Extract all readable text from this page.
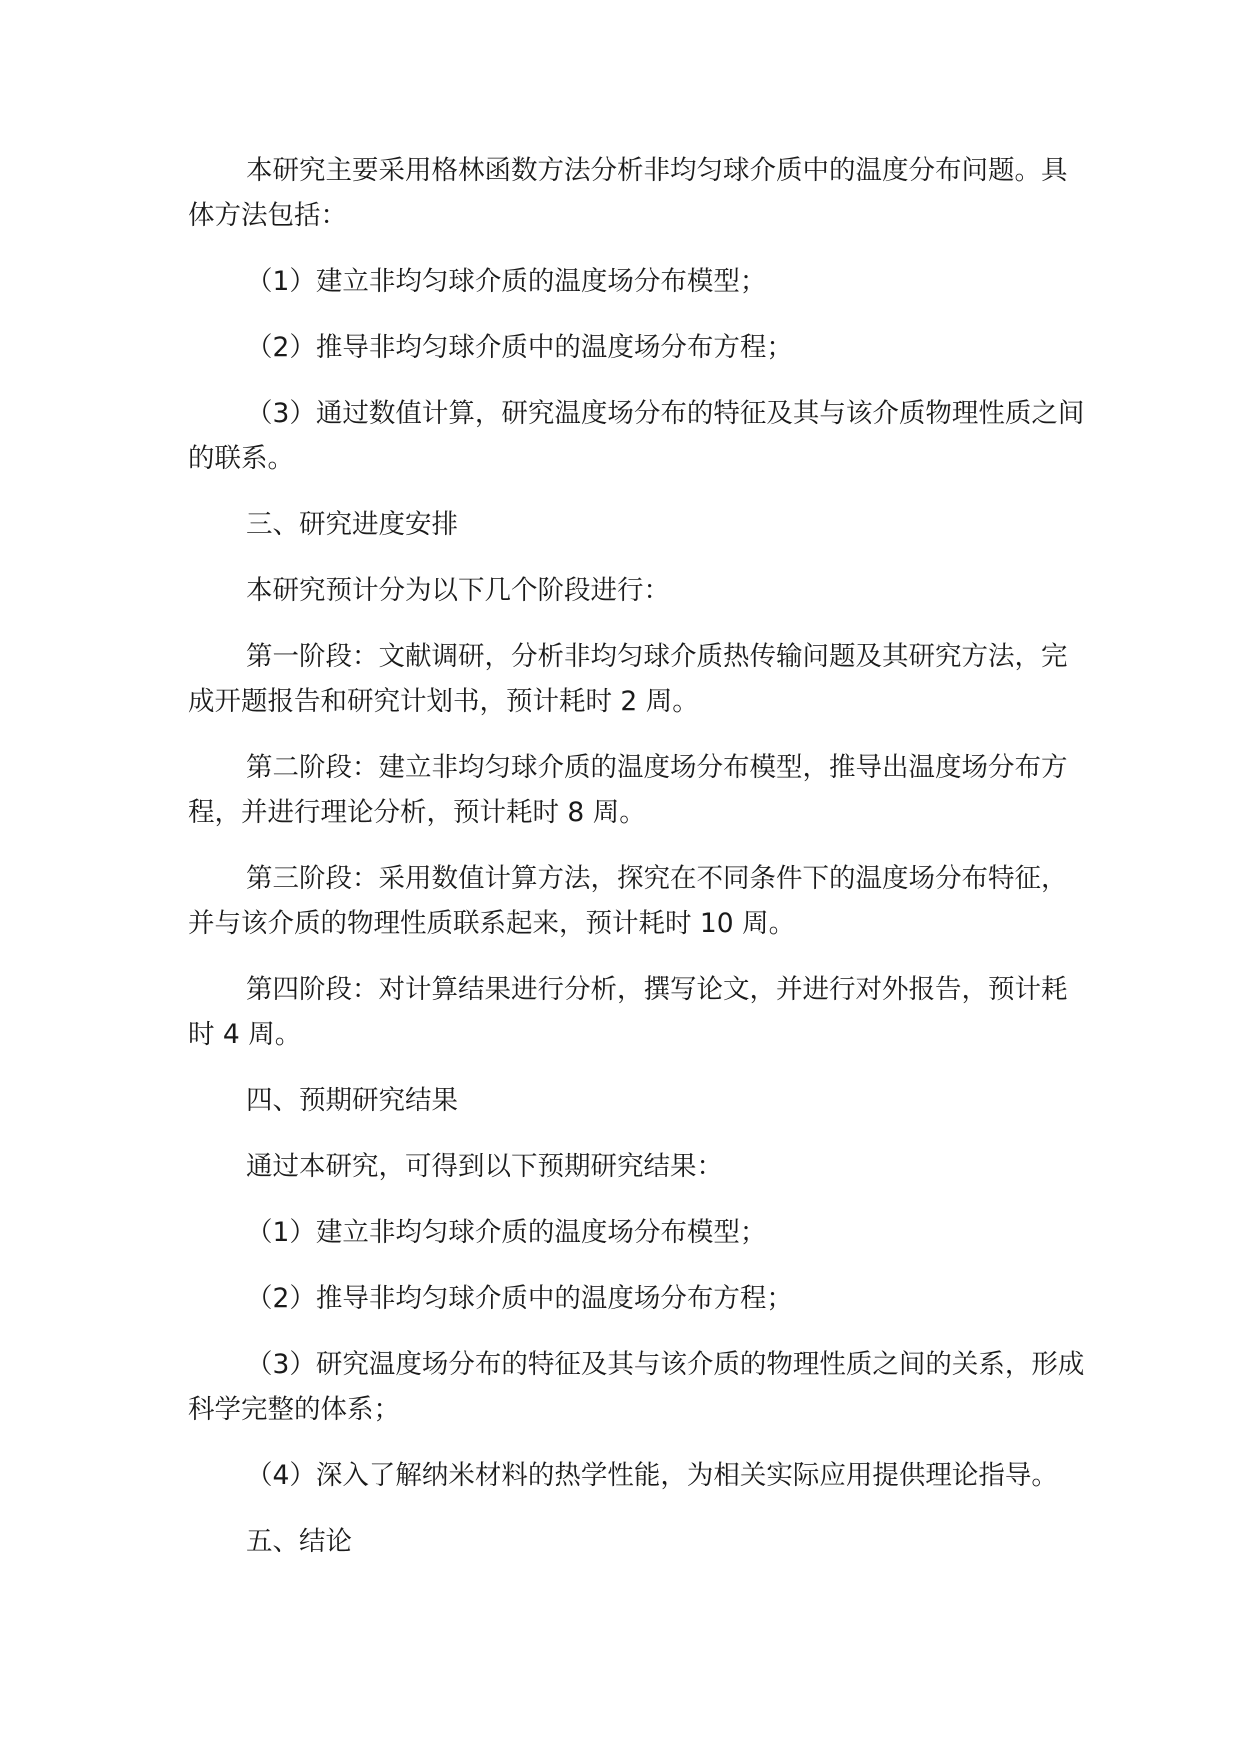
本研究主要采用格林函数方法分析非均匀球介质中的温度分布问题。具体方法包括：

（1）建立非均匀球介质的温度场分布模型；

（2）推导非均匀球介质中的温度场分布方程；

（3）通过数值计算，研究温度场分布的特征及其与该介质物理性质之间的联系。

三、研究进度安排

本研究预计分为以下几个阶段进行：

第一阶段：文献调研，分析非均匀球介质热传输问题及其研究方法，完成开题报告和研究计划书，预计耗时 2 周。

第二阶段：建立非均匀球介质的温度场分布模型，推导出温度场分布方程，并进行理论分析，预计耗时 8 周。

第三阶段：采用数值计算方法，探究在不同条件下的温度场分布特征，并与该介质的物理性质联系起来，预计耗时 10 周。

第四阶段：对计算结果进行分析，撰写论文，并进行对外报告，预计耗时 4 周。

四、预期研究结果

通过本研究，可得到以下预期研究结果：

（1）建立非均匀球介质的温度场分布模型；

（2）推导非均匀球介质中的温度场分布方程；

（3）研究温度场分布的特征及其与该介质的物理性质之间的关系，形成科学完整的体系；

（4）深入了解纳米材料的热学性能，为相关实际应用提供理论指导。

五、结论
